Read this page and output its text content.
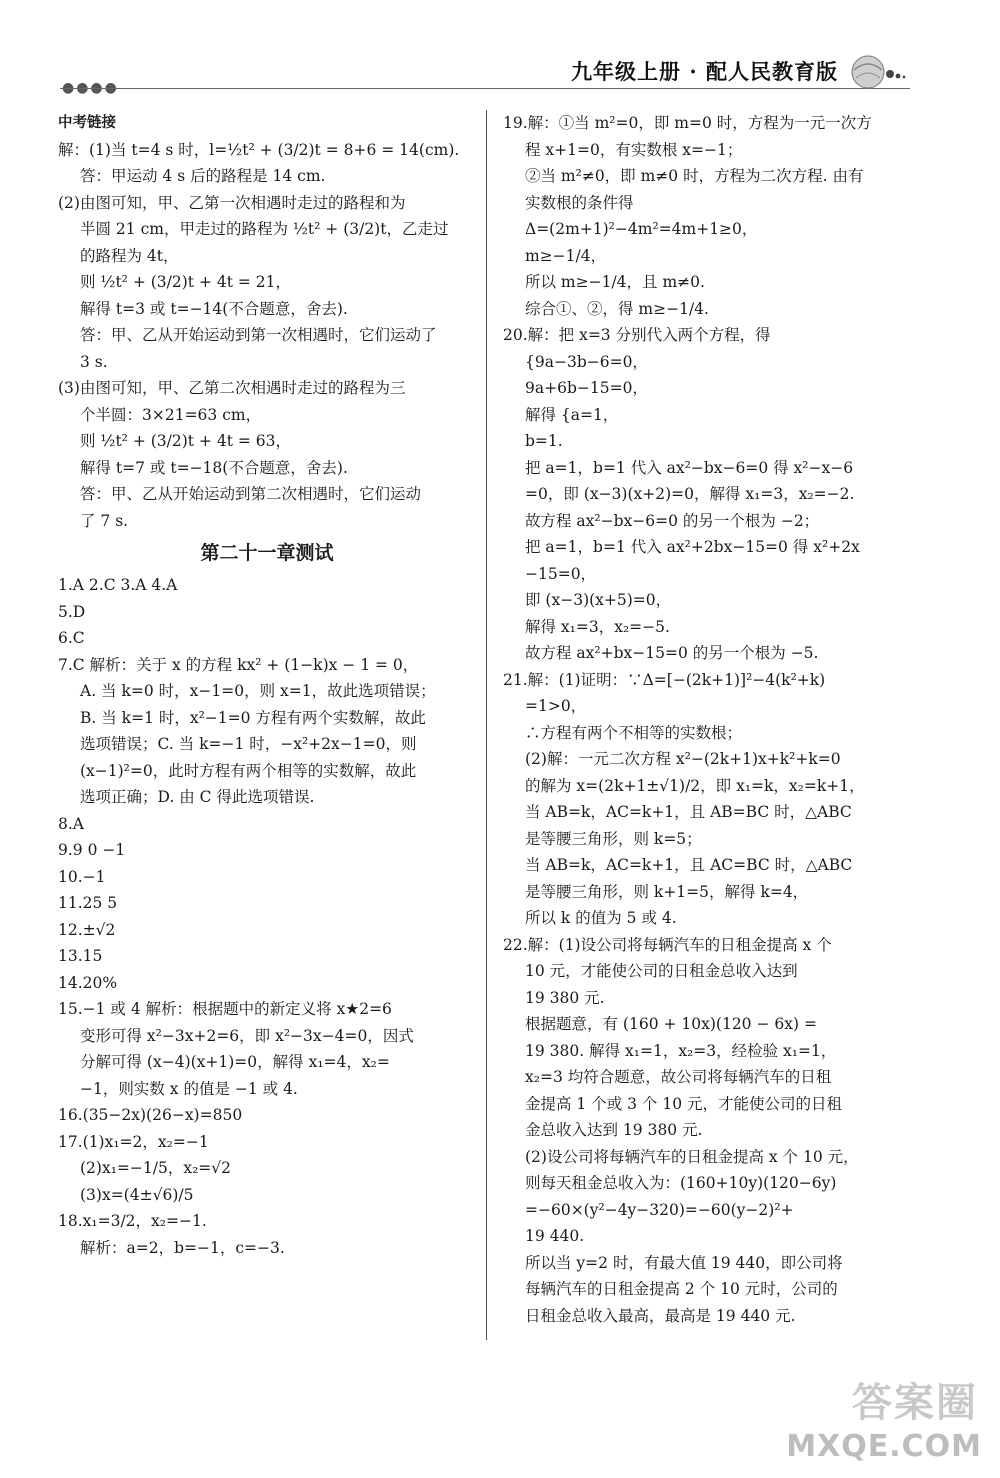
●●●●
九年级上册 · 配人民教育版
中考链接
解：(1)当 t=4 s 时，l=½t² + (3/2)t = 8+6 = 14(cm).
答：甲运动 4 s 后的路程是 14 cm.
(2)由图可知，甲、乙第一次相遇时走过的路程和为
半圆 21 cm，甲走过的路程为 ½t² + (3/2)t，乙走过
的路程为 4t，
则 ½t² + (3/2)t + 4t = 21，
解得 t=3 或 t=−14(不合题意，舍去).
答：甲、乙从开始运动到第一次相遇时，它们运动了
3 s.
(3)由图可知，甲、乙第二次相遇时走过的路程为三
个半圆：3×21=63 cm，
则 ½t² + (3/2)t + 4t = 63，
解得 t=7 或 t=−18(不合题意，舍去).
答：甲、乙从开始运动到第二次相遇时，它们运动
了 7 s.
第二十一章测试
1.A 2.C 3.A 4.A
5.D
6.C
7.C 解析：关于 x 的方程 kx² + (1−k)x − 1 = 0，
A. 当 k=0 时，x−1=0，则 x=1，故此选项错误；
B. 当 k=1 时，x²−1=0 方程有两个实数解，故此
选项错误；C. 当 k=−1 时，−x²+2x−1=0，则
(x−1)²=0，此时方程有两个相等的实数解，故此
选项正确；D. 由 C 得此选项错误.
8.A
9.9 0 −1
10.−1
11.25 5
12.±√2
13.15
14.20%
15.−1 或 4 解析：根据题中的新定义将 x★2=6
变形可得 x²−3x+2=6，即 x²−3x−4=0，因式
分解可得 (x−4)(x+1)=0，解得 x₁=4，x₂=
−1，则实数 x 的值是 −1 或 4.
16.(35−2x)(26−x)=850
17.(1)x₁=2，x₂=−1
(2)x₁=−1/5，x₂=√2
(3)x=(4±√6)/5
18.x₁=3/2，x₂=−1.
解析：a=2，b=−1，c=−3.
19.解：①当 m²=0，即 m=0 时，方程为一元一次方
程 x+1=0，有实数根 x=−1；
②当 m²≠0，即 m≠0 时，方程为二次方程. 由有
实数根的条件得
Δ=(2m+1)²−4m²=4m+1≥0，
m≥−1/4，
所以 m≥−1/4，且 m≠0.
综合①、②，得 m≥−1/4.
20.解：把 x=3 分别代入两个方程，得
{9a−3b−6=0，
9a+6b−15=0，
解得 {a=1，
b=1.
把 a=1，b=1 代入 ax²−bx−6=0 得 x²−x−6
=0，即 (x−3)(x+2)=0，解得 x₁=3，x₂=−2.
故方程 ax²−bx−6=0 的另一个根为 −2；
把 a=1，b=1 代入 ax²+2bx−15=0 得 x²+2x
−15=0，
即 (x−3)(x+5)=0，
解得 x₁=3，x₂=−5.
故方程 ax²+bx−15=0 的另一个根为 −5.
21.解：(1)证明：∵Δ=[−(2k+1)]²−4(k²+k)
=1>0，
∴方程有两个不相等的实数根；
(2)解：一元二次方程 x²−(2k+1)x+k²+k=0
的解为 x=(2k+1±√1)/2，即 x₁=k，x₂=k+1，
当 AB=k，AC=k+1，且 AB=BC 时，△ABC
是等腰三角形，则 k=5；
当 AB=k，AC=k+1，且 AC=BC 时，△ABC
是等腰三角形，则 k+1=5，解得 k=4，
所以 k 的值为 5 或 4.
22.解：(1)设公司将每辆汽车的日租金提高 x 个
10 元，才能使公司的日租金总收入达到
19 380 元.
根据题意，有 (160 + 10x)(120 − 6x) =
19 380. 解得 x₁=1，x₂=3，经检验 x₁=1，
x₂=3 均符合题意，故公司将每辆汽车的日租
金提高 1 个或 3 个 10 元，才能使公司的日租
金总收入达到 19 380 元.
(2)设公司将每辆汽车的日租金提高 x 个 10 元，
则每天租金总收入为：(160+10y)(120−6y)
=−60×(y²−4y−320)=−60(y−2)²+
19 440.
所以当 y=2 时，有最大值 19 440，即公司将
每辆汽车的日租金提高 2 个 10 元时，公司的
日租金总收入最高，最高是 19 440 元.
答案圈
MXQE.COM
